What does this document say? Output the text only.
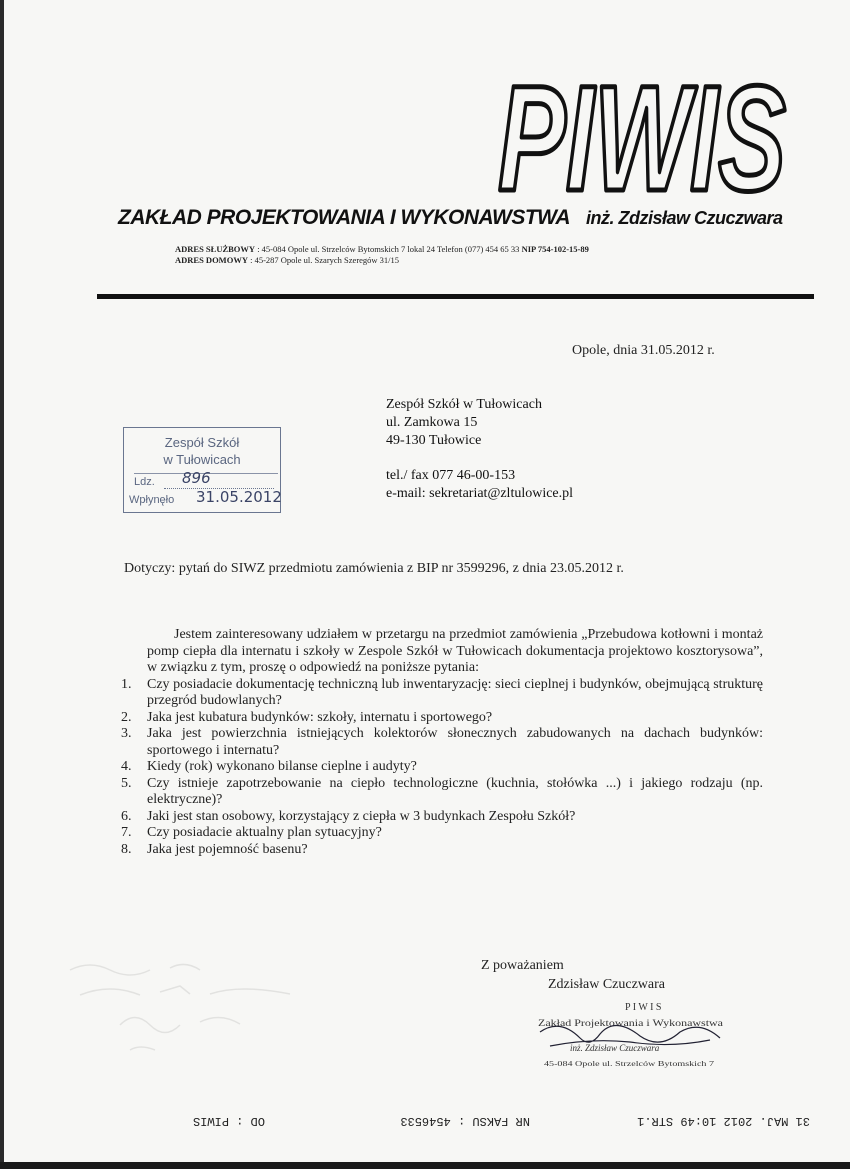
PIWIS
ZAKŁAD PROJEKTOWANIA I WYKONAWSTWA inż. Zdzisław Czuczwara
ADRES SŁUŻBOWY : 45-084 Opole ul. Strzelców Bytomskich 7 lokal 24 Telefon (077) 454 65 33 NIP 754-102-15-89
ADRES DOMOWY : 45-287 Opole ul. Szarych Szeregów 31/15
Opole, dnia 31.05.2012 r.
Zespół Szkół w Tułowicach
ul. Zamkowa 15
49-130 Tułowice
tel./ fax 077 46-00-153
e-mail: sekretariat@zltulowice.pl
Zespół Szkół
w Tułowicach
Ldz. 896
Wpłynęło 31.05.2012
Dotyczy: pytań do SIWZ przedmiotu zamówienia z BIP nr 3599296, z dnia 23.05.2012 r.

Jestem zainteresowany udziałem w przetargu na przedmiot zamówienia „Przebudowa kotłowni i montaż pomp ciepła dla internatu i szkoły w Zespole Szkół w Tułowicach dokumentacja projektowo kosztorysowa”, w związku z tym, proszę o odpowiedź na poniższe pytania:

1. Czy posiadacie dokumentację techniczną lub inwentaryzację: sieci cieplnej i budynków, obejmującą strukturę przegród budowlanych?
2. Jaka jest kubatura budynków: szkoły, internatu i sportowego?
3. Jaka jest powierzchnia istniejących kolektorów słonecznych zabudowanych na dachach budynków: sportowego i internatu?
4. Kiedy (rok) wykonano bilanse cieplne i audyty?
5. Czy istnieje zapotrzebowanie na ciepło technologiczne (kuchnia, stołówka ...) i jakiego rodzaju (np. elektryczne)?
6. Jaki jest stan osobowy, korzystający z ciepła w 3 budynkach Zespołu Szkół?
7. Czy posiadacie aktualny plan sytuacyjny?
8. Jaka jest pojemność basenu?
Z poważaniem
Zdzisław Czuczwara
P I W I S
Zakład Projektowania i Wykonawstwa
inż. Zdzisław Czuczwara
45-084 Opole ul. Strzelców Bytomskich 7
31 MAJ. 2012 10:49 STR.1
NR FAKSU : 4546533
OD : PIWIS
